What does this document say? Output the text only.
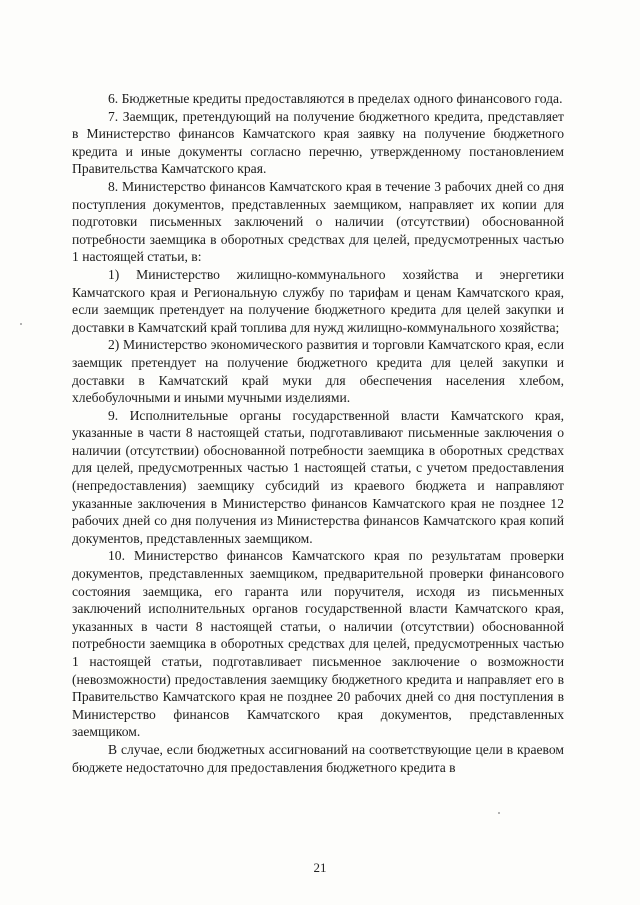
6. Бюджетные кредиты предоставляются в пределах одного финансового года.

7. Заемщик, претендующий на получение бюджетного кредита, представляет в Министерство финансов Камчатского края заявку на получение бюджетного кредита и иные документы согласно перечню, утвержденному постановлением Правительства Камчатского края.

8. Министерство финансов Камчатского края в течение 3 рабочих дней со дня поступления документов, представленных заемщиком, направляет их копии для подготовки письменных заключений о наличии (отсутствии) обоснованной потребности заемщика в оборотных средствах для целей, предусмотренных частью 1 настоящей статьи, в:

1) Министерство жилищно-коммунального хозяйства и энергетики Камчатского края и Региональную службу по тарифам и ценам Камчатского края, если заемщик претендует на получение бюджетного кредита для целей закупки и доставки в Камчатский край топлива для нужд жилищно-коммунального хозяйства;

2) Министерство экономического развития и торговли Камчатского края, если заемщик претендует на получение бюджетного кредита для целей закупки и доставки в Камчатский край муки для обеспечения населения хлебом, хлебобулочными и иными мучными изделиями.

9. Исполнительные органы государственной власти Камчатского края, указанные в части 8 настоящей статьи, подготавливают письменные заключения о наличии (отсутствии) обоснованной потребности заемщика в оборотных средствах для целей, предусмотренных частью 1 настоящей статьи, с учетом предоставления (непредоставления) заемщику субсидий из краевого бюджета и направляют указанные заключения в Министерство финансов Камчатского края не позднее 12 рабочих дней со дня получения из Министерства финансов Камчатского края копий документов, представленных заемщиком.

10. Министерство финансов Камчатского края по результатам проверки документов, представленных заемщиком, предварительной проверки финансового состояния заемщика, его гаранта или поручителя, исходя из письменных заключений исполнительных органов государственной власти Камчатского края, указанных в части 8 настоящей статьи, о наличии (отсутствии) обоснованной потребности заемщика в оборотных средствах для целей, предусмотренных частью 1 настоящей статьи, подготавливает письменное заключение о возможности (невозможности) предоставления заемщику бюджетного кредита и направляет его в Правительство Камчатского края не позднее 20 рабочих дней со дня поступления в Министерство финансов Камчатского края документов, представленных заемщиком.

В случае, если бюджетных ассигнований на соответствующие цели в краевом бюджете недостаточно для предоставления бюджетного кредита в

21
